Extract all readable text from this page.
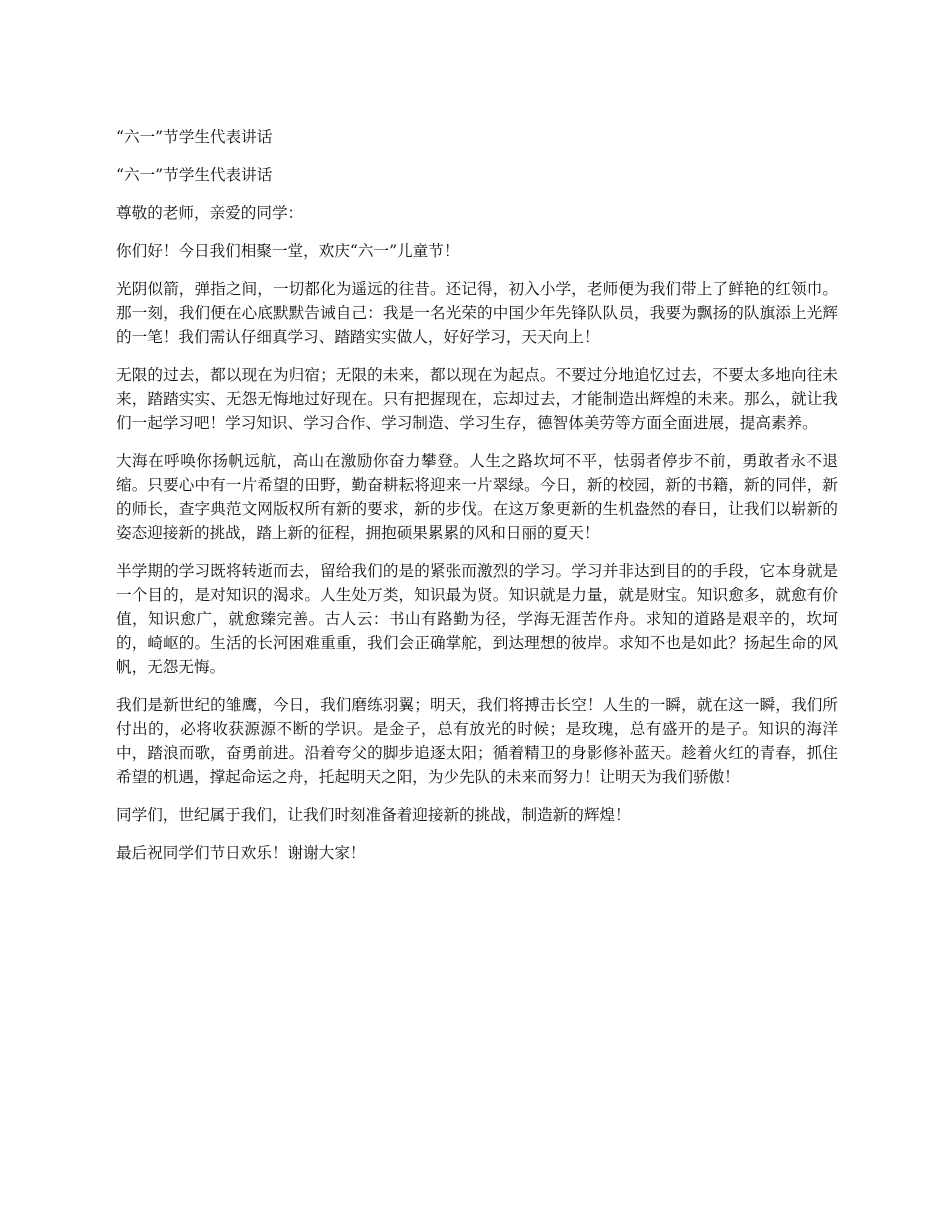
“六一”节学生代表讲话

“六一”节学生代表讲话

尊敬的老师，亲爱的同学：

你们好！今日我们相聚一堂，欢庆“六一”儿童节！

光阴似箭，弹指之间，一切都化为遥远的往昔。还记得，初入小学，老师便为我们带上了鲜艳的红领巾。那一刻，我们便在心底默默告诫自己：我是一名光荣的中国少年先锋队队员，我要为飘扬的队旗添上光辉的一笔！我们需认仔细真学习、踏踏实实做人，好好学习，天天向上！

无限的过去，都以现在为归宿；无限的未来，都以现在为起点。不要过分地追忆过去，不要太多地向往未来，踏踏实实、无怨无悔地过好现在。只有把握现在，忘却过去，才能制造出辉煌的未来。那么，就让我们一起学习吧！学习知识、学习合作、学习制造、学习生存，德智体美劳等方面全面进展，提高素养。

大海在呼唤你扬帆远航，高山在激励你奋力攀登。人生之路坎坷不平，怯弱者停步不前，勇敢者永不退缩。只要心中有一片希望的田野，勤奋耕耘将迎来一片翠绿。今日，新的校园，新的书籍，新的同伴，新的师长，查字典范文网版权所有新的要求，新的步伐。在这万象更新的生机盎然的春日，让我们以崭新的姿态迎接新的挑战，踏上新的征程，拥抱硕果累累的风和日丽的夏天！

半学期的学习既将转逝而去，留给我们的是的紧张而激烈的学习。学习并非达到目的的手段，它本身就是一个目的，是对知识的渴求。人生处万类，知识最为贤。知识就是力量，就是财宝。知识愈多，就愈有价值，知识愈广，就愈臻完善。古人云：书山有路勤为径，学海无涯苦作舟。求知的道路是艰辛的，坎坷的，崎岖的。生活的长河困难重重，我们会正确掌舵，到达理想的彼岸。求知不也是如此？扬起生命的风帆，无怨无悔。

我们是新世纪的雏鹰，今日，我们磨练羽翼；明天，我们将搏击长空！人生的一瞬，就在这一瞬，我们所付出的，必将收获源源不断的学识。是金子，总有放光的时候；是玫瑰，总有盛开的是子。知识的海洋中，踏浪而歌，奋勇前进。沿着夸父的脚步追逐太阳；循着精卫的身影修补蓝天。趁着火红的青春，抓住希望的机遇，撑起命运之舟，托起明天之阳，为少先队的未来而努力！让明天为我们骄傲！

同学们，世纪属于我们，让我们时刻准备着迎接新的挑战，制造新的辉煌！

最后祝同学们节日欢乐！谢谢大家！
